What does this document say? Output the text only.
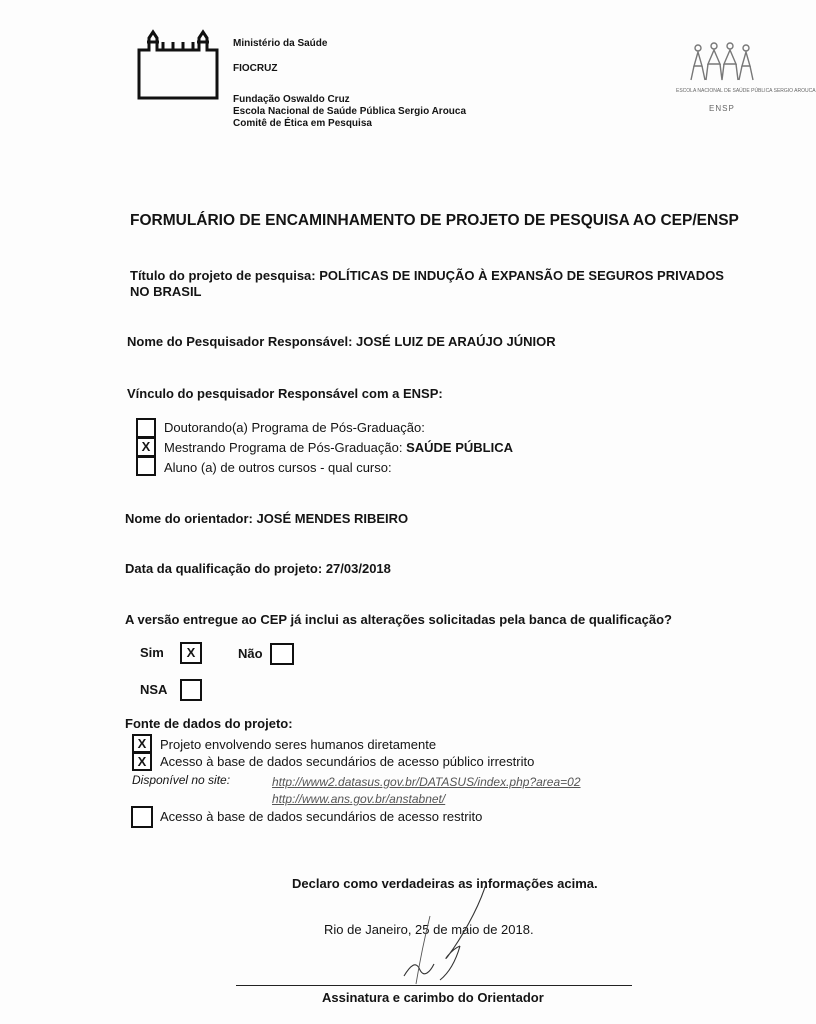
Ministério da Saúde
FIOCRUZ
Fundação Oswaldo Cruz
Escola Nacional de Saúde Pública Sergio Arouca
Comitê de Ética em Pesquisa
ESCOLA NACIONAL DE SAÚDE PÚBLICA SERGIO AROUCA
ENSP
FORMULÁRIO DE ENCAMINHAMENTO DE PROJETO DE PESQUISA AO CEP/ENSP
Título do projeto de pesquisa: POLÍTICAS DE INDUÇÃO À EXPANSÃO DE SEGUROS PRIVADOS
NO BRASIL
Nome do Pesquisador Responsável: JOSÉ LUIZ DE ARAÚJO JÚNIOR
Vínculo do pesquisador Responsável com a ENSP:
Doutorando(a) Programa de Pós-Graduação:
X	Mestrando Programa de Pós-Graduação: SAÚDE PÚBLICA
Aluno (a) de outros cursos - qual curso:
Nome do orientador: JOSÉ MENDES RIBEIRO
Data da qualificação do projeto: 27/03/2018
A versão entregue ao CEP já inclui as alterações solicitadas pela banca de qualificação?
Sim	X	Não
NSA
Fonte de dados do projeto:
X	Projeto envolvendo seres humanos diretamente
X	Acesso à base de dados secundários de acesso público irrestrito
Disponível no site:	http://www2.datasus.gov.br/DATASUS/index.php?area=02
http://www.ans.gov.br/anstabnet/
Acesso à base de dados secundários de acesso restrito
Declaro como verdadeiras as informações acima.
Rio de Janeiro, 25 de maio de 2018.
Assinatura e carimbo do Orientador
